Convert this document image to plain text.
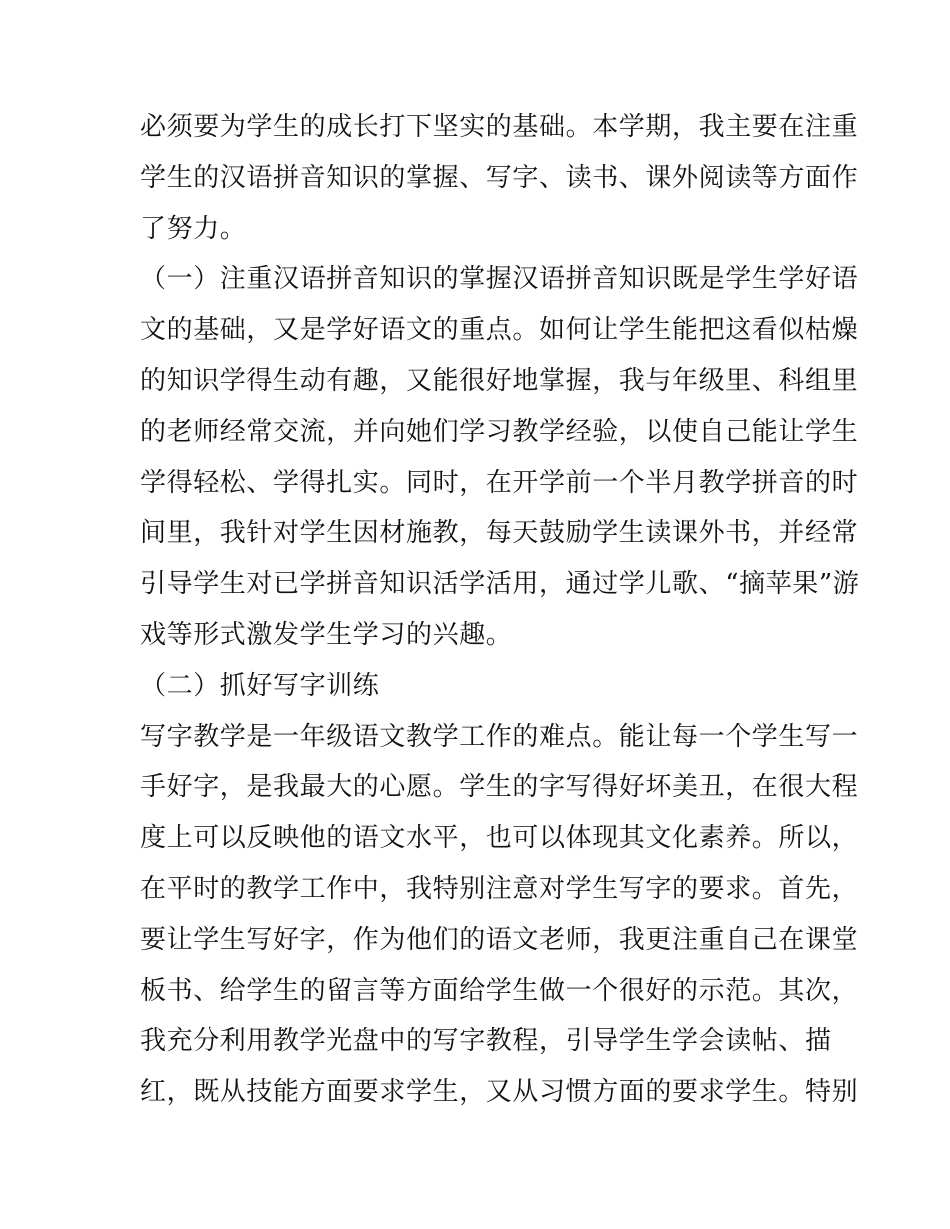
必须要为学生的成长打下坚实的基础。本学期，我主要在注重
学生的汉语拼音知识的掌握、写字、读书、课外阅读等方面作
了努力。
（一）注重汉语拼音知识的掌握汉语拼音知识既是学生学好语
文的基础，又是学好语文的重点。如何让学生能把这看似枯燥
的知识学得生动有趣，又能很好地掌握，我与年级里、科组里
的老师经常交流，并向她们学习教学经验，以使自己能让学生
学得轻松、学得扎实。同时，在开学前一个半月教学拼音的时
间里，我针对学生因材施教，每天鼓励学生读课外书，并经常
引导学生对已学拼音知识活学活用，通过学儿歌、“摘苹果”游
戏等形式激发学生学习的兴趣。
（二）抓好写字训练
写字教学是一年级语文教学工作的难点。能让每一个学生写一
手好字，是我最大的心愿。学生的字写得好坏美丑，在很大程
度上可以反映他的语文水平，也可以体现其文化素养。所以，
在平时的教学工作中，我特别注意对学生写字的要求。首先，
要让学生写好字，作为他们的语文老师，我更注重自己在课堂
板书、给学生的留言等方面给学生做一个很好的示范。其次，
我充分利用教学光盘中的写字教程，引导学生学会读帖、描
红，既从技能方面要求学生，又从习惯方面的要求学生。特别
